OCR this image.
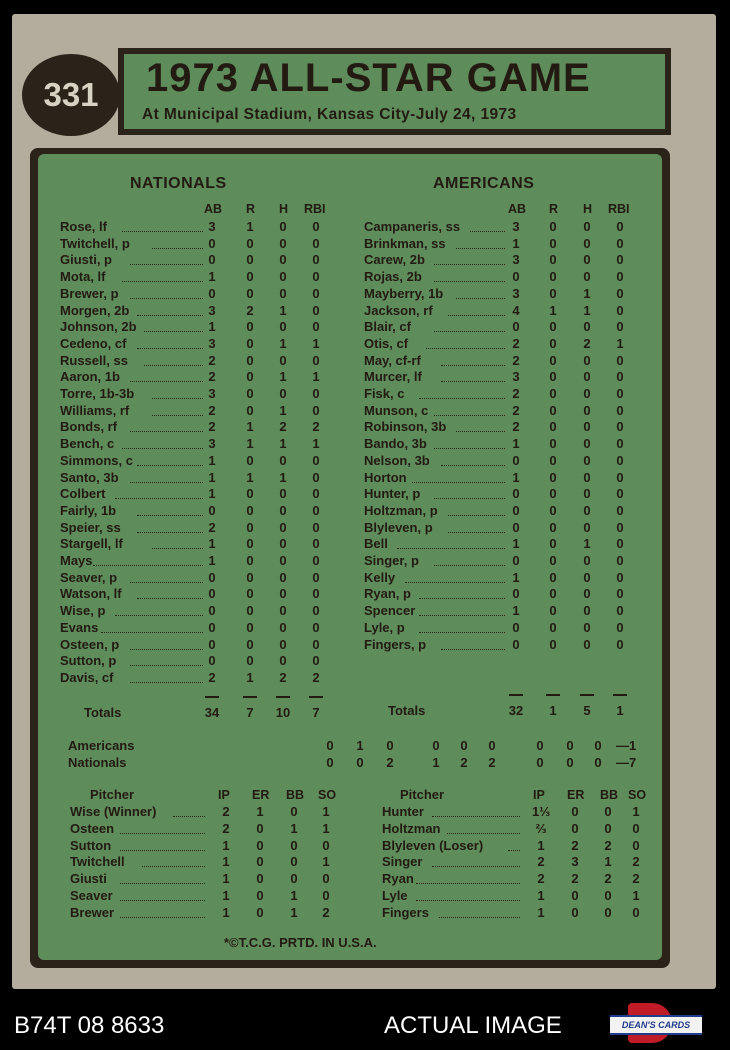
331 1973 ALL-STAR GAME
At Municipal Stadium, Kansas City-July 24, 1973
NATIONALS
AB R H RBI
Rose, lf	3	1	0	0
Twitchell, p	0	0	0	0
Giusti, p	0	0	0	0
Mota, lf	1	0	0	0
Brewer, p	0	0	0	0
Morgen, 2b	3	2	1	0
Johnson, 2b	1	0	0	0
Cedeno, cf	3	0	1	1
Russell, ss	2	0	0	0
Aaron, 1b	2	0	1	1
Torre, 1b-3b	3	0	0	0
Williams, rf	2	0	1	0
Bonds, rf	2	1	2	2
Bench, c	3	1	1	1
Simmons, c	1	0	0	0
Santo, 3b	1	1	1	0
Colbert	1	0	0	0
Fairly, 1b	0	0	0	0
Speier, ss	2	0	0	0
Stargell, lf	1	0	0	0
Mays	1	0	0	0
Seaver, p	0	0	0	0
Watson, lf	0	0	0	0
Wise, p	0	0	0	0
Evans	0	0	0	0
Osteen, p	0	0	0	0
Sutton, p	0	0	0	0
Davis, cf	2	1	2	2
AMERICANS
AB R H RBI
Campaneris, ss	3	0	0	0
Brinkman, ss	1	0	0	0
Carew, 2b	3	0	0	0
Rojas, 2b	0	0	0	0
Mayberry, 1b	3	0	1	0
Jackson, rf	4	1	1	0
Blair, cf	0	0	0	0
Otis, cf	2	0	2	1
May, cf-rf	2	0	0	0
Murcer, lf	3	0	0	0
Fisk, c	2	0	0	0
Munson, c	2	0	0	0
Robinson, 3b	2	0	0	0
Bando, 3b	1	0	0	0
Nelson, 3b	0	0	0	0
Horton	1	0	0	0
Hunter, p	0	0	0	0
Holtzman, p	0	0	0	0
Blyleven, p	0	0	0	0
Bell	1	0	1	0
Singer, p	0	0	0	0
Kelly	1	0	0	0
Ryan, p	0	0	0	0
Spencer	1	0	0	0
Lyle, p	0	0	0	0
Fingers, p	0	0	0	0
Totals	34	7	10	7	Totals	32	1	5	1
Americans	0	1	0	0	0	0	0	0	0	—1
Nationals	0	0	2	1	2	2	0	0	0	—7
Pitcher	IP ER BB SO
Wise (Winner)	2	1	0	1
Osteen	2	0	1	1
Sutton	1	0	0	0
Twitchell	1	0	0	1
Giusti	1	0	0	0
Seaver	1	0	1	0
Brewer	1	0	1	2
Pitcher	IP ER BB SO
Hunter	1⅓	0	0	1
Holtzman	⅔	0	0	0
Blyleven (Loser)	1	2	2	0
Singer	2	3	1	2
Ryan	2	2	2	2
Lyle	1	0	0	1
Fingers	1	0	0	0
*©T.C.G. PRTD. IN U.S.A.
B74T 08 8633	ACTUAL IMAGE	DEAN'S CARDS
